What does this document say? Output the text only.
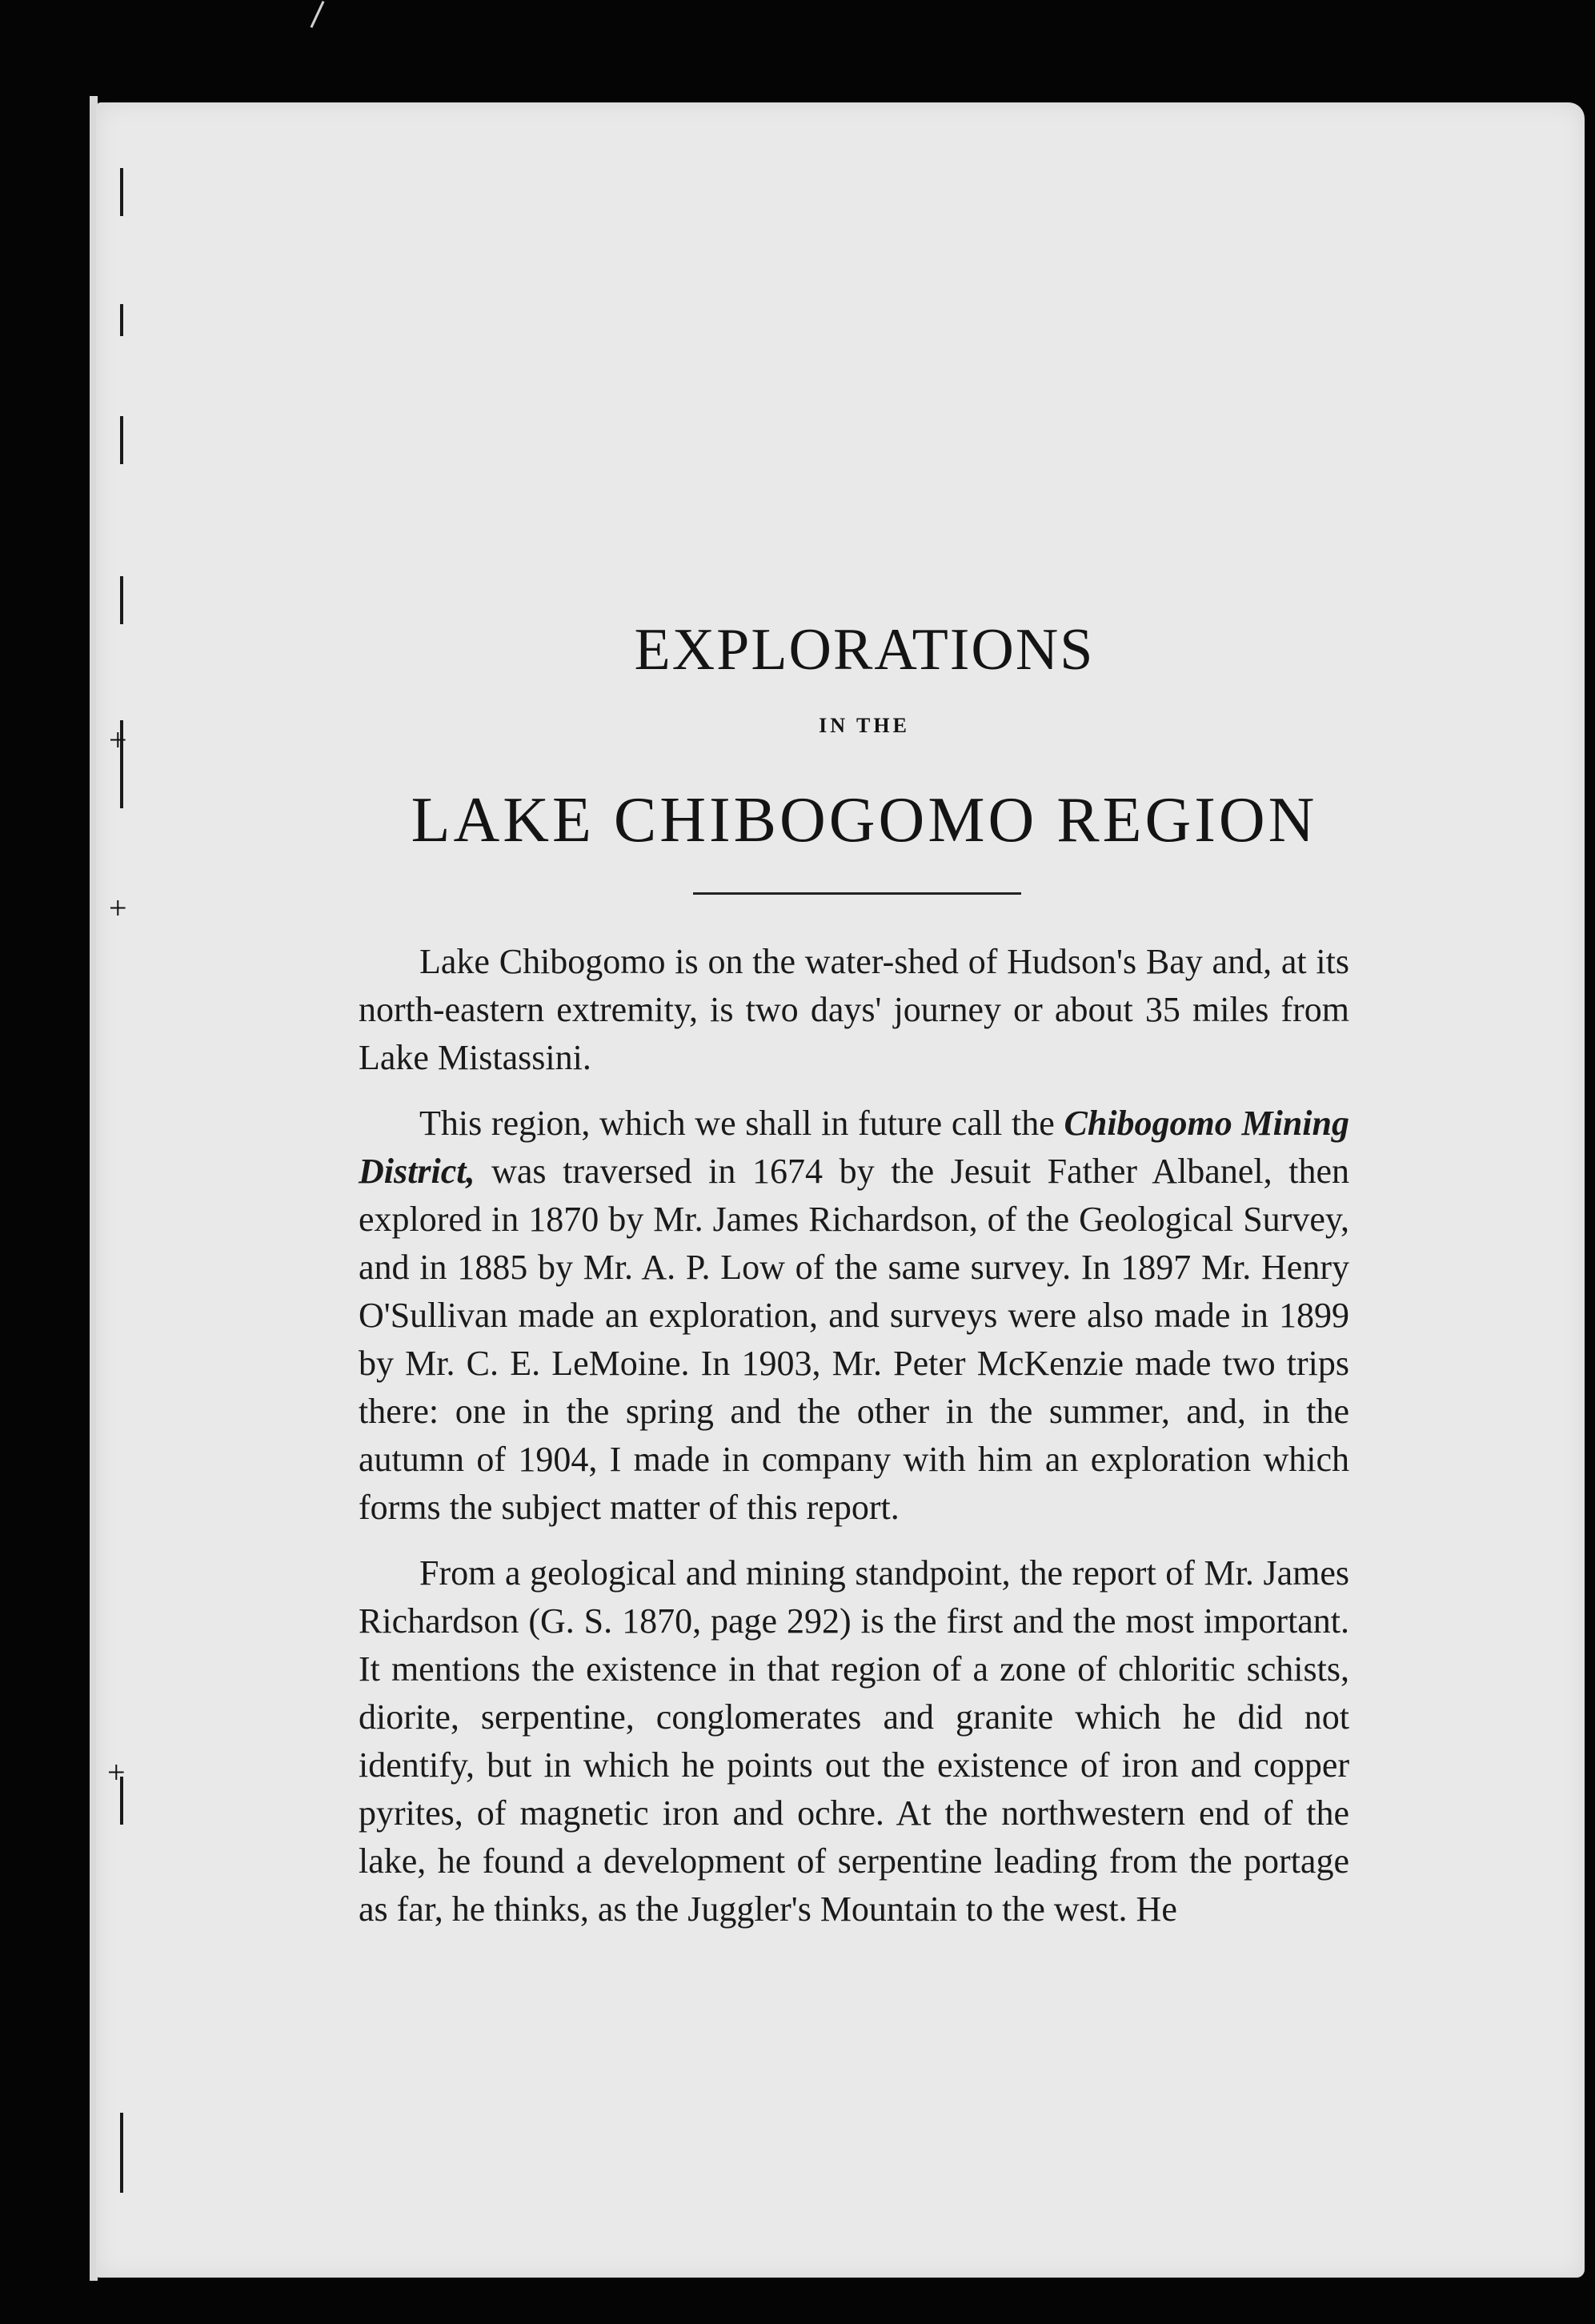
+
+
+
EXPLORATIONS
IN THE
LAKE CHIBOGOMO REGION

Lake Chibogomo is on the water-shed of Hudson's Bay and, at its north-eastern extremity, is two days' journey or about 35 miles from Lake Mistassini.

This region, which we shall in future call the Chibogomo Mining District, was traversed in 1674 by the Jesuit Father Albanel, then explored in 1870 by Mr. James Richardson, of the Geological Survey, and in 1885 by Mr. A. P. Low of the same survey. In 1897 Mr. Henry O'Sullivan made an exploration, and surveys were also made in 1899 by Mr. C. E. LeMoine. In 1903, Mr. Peter McKenzie made two trips there: one in the spring and the other in the summer, and, in the autumn of 1904, I made in company with him an exploration which forms the subject matter of this report.

From a geological and mining standpoint, the report of Mr. James Richardson (G. S. 1870, page 292) is the first and the most important. It mentions the existence in that region of a zone of chloritic schists, diorite, serpentine, conglomerates and granite which he did not identify, but in which he points out the existence of iron and copper pyrites, of magnetic iron and ochre. At the northwestern end of the lake, he found a development of serpentine leading from the portage as far, he thinks, as the Juggler's Mountain to the west. He
